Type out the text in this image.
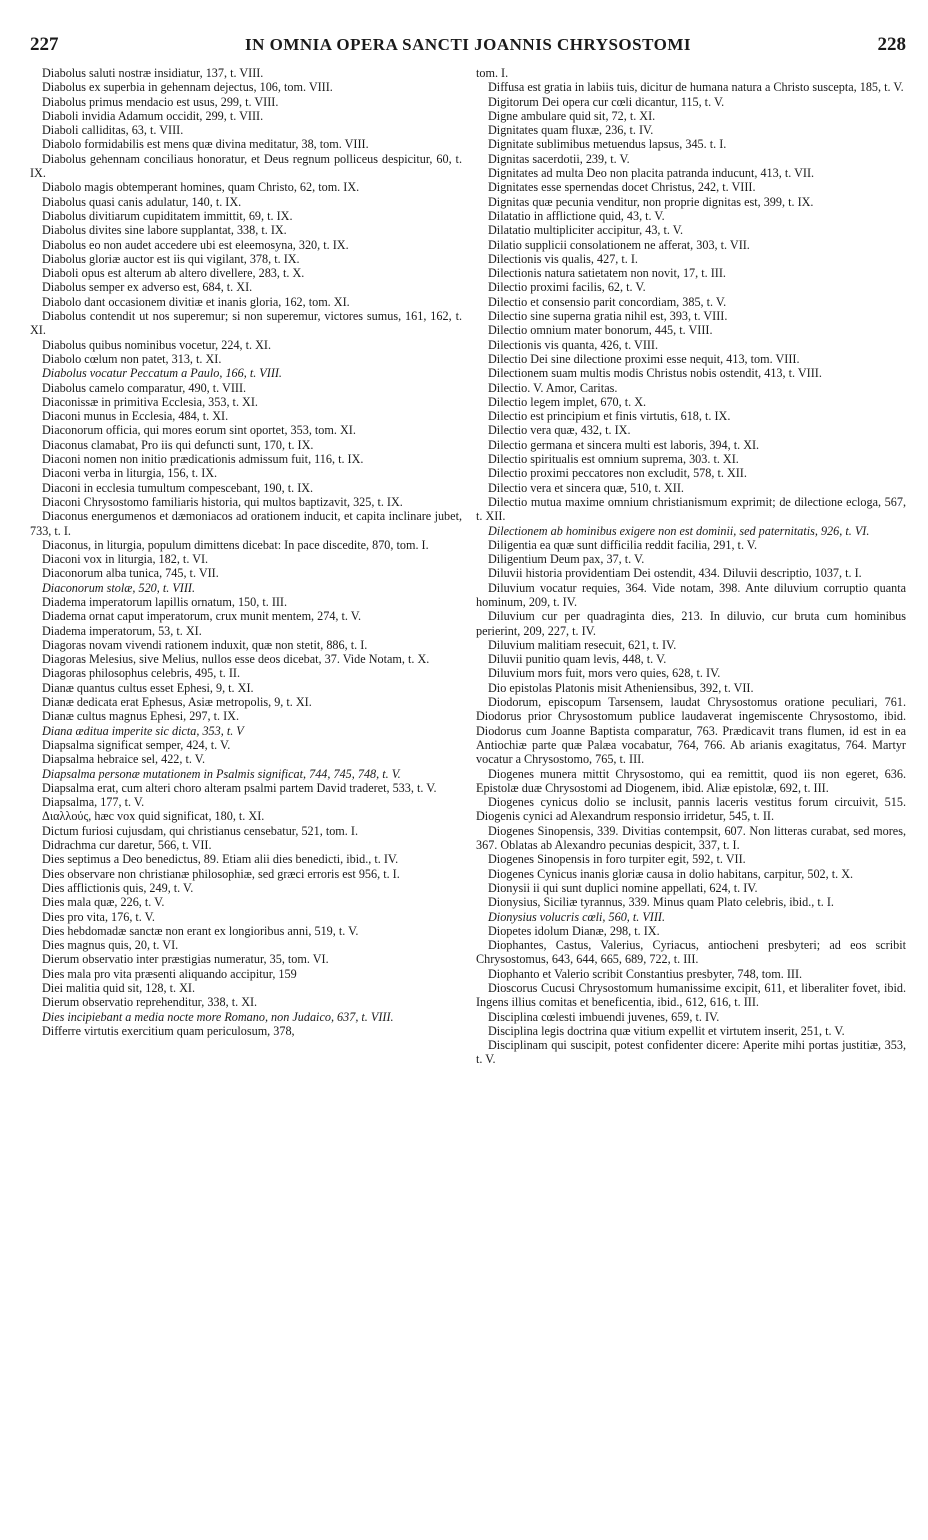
227	IN OMNIA OPERA SANCTI JOANNIS CHRYSOSTOMI	228
Diabolus saluti nostræ insidiatur, 137, t. VIII.
Diabolus ex superbia in gehennam dejectus, 106, tom. VIII.
Diabolus primus mendacio est usus, 299, t. VIII.
Diaboli invidia Adamum occidit, 299, t. VIII.
Diaboli calliditas, 63, t. VIII.
Diabolo formidabilis est mens quæ divina meditatur, 38, tom. VIII.
Diabolus gehennam conciliaus honoratur, et Deus regnum polliceus despicitur, 60, t. IX.
Diabolo magis obtemperant homines, quam Christo, 62, tom. IX.
Diabolus quasi canis adulatur, 140, t. IX.
Diabolus divitiarum cupiditatem immittit, 69, t. IX.
Diabolus divites sine labore supplantat, 338, t. IX.
Diabolus eo non audet accedere ubi est eleemosyna, 320, t. IX.
Diabolus gloriæ auctor est iis qui vigilant, 378, t. IX.
Diaboli opus est alterum ab altero divellere, 283, t. X.
Diabolus semper ex adverso est, 684, t. XI.
Diabolo dant occasionem divitiæ et inanis gloria, 162, tom. XI.
Diabolus contendit ut nos superemur; si non superemur, victores sumus, 161, 162, t. XI.
Diabolus quibus nominibus vocetur, 224, t. XI.
Diabolo cœlum non patet, 313, t. XI.
Diabolus vocatur Peccatum a Paulo, 166, t. VIII.
Diabolus camelo comparatur, 490, t. VIII.
Diaconissæ in primitiva Ecclesia, 353, t. XI.
Diaconi munus in Ecclesia, 484, t. XI.
Diaconorum officia, qui mores eorum sint oportet, 353, tom. XI.
Diaconus clamabat, Pro iis qui defuncti sunt, 170, t. IX.
Diaconi nomen non initio prædicationis admissum fuit, 116, t. IX.
Diaconi verba in liturgia, 156, t. IX.
Diaconi in ecclesia tumultum compescebant, 190, t. IX.
Diaconi Chrysostomo familiaris historia, qui multos baptizavit, 325, t. IX.
Diaconus energumenos et dæmoniacos ad orationem inducit, et capita inclinare jubet, 733, t. I.
Diaconus, in liturgia, populum dimittens dicebat: In pace discedite, 870, tom. I.
Diaconi vox in liturgia, 182, t. VI.
Diaconorum alba tunica, 745, t. VII.
Diaconorum stolæ, 520, t. VIII.
Diadema imperatorum lapillis ornatum, 150, t. III.
Diadema ornat caput imperatorum, crux munit mentem, 274, t. V.
Diadema imperatorum, 53, t. XI.
Diagoras novam vivendi rationem induxit, quæ non stetit, 886, t. I.
Diagoras Melesius, sive Melius, nullos esse deos dicebat, 37. Vide Notam, t. X.
Diagoras philosophus celebris, 495, t. II.
Dianæ quantus cultus esset Ephesi, 9, t. XI.
Dianæ dedicata erat Ephesus, Asiæ metropolis, 9, t. XI.
Dianæ cultus magnus Ephesi, 297, t. IX.
Diana æditua imperite sic dicta, 353, t. V
Diapsalma significat semper, 424, t. V.
Diapsalma hebraice sel, 422, t. V.
Diapsalma personæ mutationem in Psalmis significat, 744, 745, 748, t. V.
Diapsalma erat, cum alteri choro alteram psalmi partem David traderet, 533, t. V.
Diapsalma, 177, t. V.
Διαλλούς, hæc vox quid significat, 180, t. XI.
Dictum furiosi cujusdam, qui christianus censebatur, 521, tom. I.
Didrachma cur daretur, 566, t. VII.
Dies septimus a Deo benedictus, 89. Etiam alii dies benedicti, ibid., t. IV.
Dies observare non christianæ philosophiæ, sed græci erroris est 956, t. I.
Dies afflictionis quis, 249, t. V.
Dies mala quæ, 226, t. V.
Dies pro vita, 176, t. V.
Dies hebdomadæ sanctæ non erant ex longioribus anni, 519, t. V.
Dies magnus quis, 20, t. VI.
Dierum observatio inter præstigias numeratur, 35, tom. VI.
Dies mala pro vita præsenti aliquando accipitur, 159
Diei malitia quid sit, 128, t. XI.
Dierum observatio reprehenditur, 338, t. XI.
Dies incipiebant a media nocte more Romano, non Judaico, 637, t. VIII.
Differre virtutis exercitium quam periculosum, 378,
tom. I.
Diffusa est gratia in labiis tuis, dicitur de humana natura a Christo suscepta, 185, t. V.
Digitorum Dei opera cur cœli dicantur, 115, t. V.
Digne ambulare quid sit, 72, t. XI.
Dignitates quam fluxæ, 236, t. IV.
Dignitate sublimibus metuendus lapsus, 345. t. I.
Dignitas sacerdotii, 239, t. V.
Dignitates ad multa Deo non placita patranda inducunt, 413, t. VII.
Dignitates esse spernendas docet Christus, 242, t. VIII.
Dignitas quæ pecunia venditur, non proprie dignitas est, 399, t. IX.
Dilatatio in afflictione quid, 43, t. V.
Dilatatio multipliciter accipitur, 43, t. V.
Dilatio supplicii consolationem ne afferat, 303, t. VII.
Dilectionis vis qualis, 427, t. I.
Dilectionis natura satietatem non novit, 17, t. III.
Dilectio proximi facilis, 62, t. V.
Dilectio et consensio parit concordiam, 385, t. V.
Dilectio sine superna gratia nihil est, 393, t. VIII.
Dilectio omnium mater bonorum, 445, t. VIII.
Dilectionis vis quanta, 426, t. VIII.
Dilectio Dei sine dilectione proximi esse nequit, 413, tom. VIII.
Dilectionem suam multis modis Christus nobis ostendit, 413, t. VIII.
Dilectio. V. Amor, Caritas.
Dilectio legem implet, 670, t. X.
Dilectio est principium et finis virtutis, 618, t. IX.
Dilectio vera quæ, 432, t. IX.
Dilectio germana et sincera multi est laboris, 394, t. XI.
Dilectio spiritualis est omnium suprema, 303. t. XI.
Dilectio proximi peccatores non excludit, 578, t. XII.
Dilectio vera et sincera quæ, 510, t. XII.
Dilectio mutua maxime omnium christianismum exprimit; de dilectione ecloga, 567, t. XII.
Dilectionem ab hominibus exigere non est dominii, sed paternitatis, 926, t. VI.
Diligentia ea quæ sunt difficilia reddit facilia, 291, t. V.
Diligentium Deum pax, 37, t. V.
Diluvii historia providentiam Dei ostendit, 434. Diluvii descriptio, 1037, t. I.
Diluvium vocatur requies, 364. Vide notam, 398. Ante diluvium corruptio quanta hominum, 209, t. IV.
Diluvium cur per quadraginta dies, 213. In diluvio, cur bruta cum hominibus perierint, 209, 227, t. IV.
Diluvium malitiam resecuit, 621, t. IV.
Diluvii punitio quam levis, 448, t. V.
Diluvium mors fuit, mors vero quies, 628, t. IV.
Dio epistolas Platonis misit Atheniensibus, 392, t. VII.
Diodorum, episcopum Tarsensem, laudat Chrysostomus oratione peculiari, 761. Diodorus prior Chrysostomum publice laudaverat ingemiscente Chrysostomo, ibid. Diodorus cum Joanne Baptista comparatur, 763. Prædicavit trans flumen, id est in ea Antiochiæ parte quæ Palæa vocabatur, 764, 766. Ab arianis exagitatus, 764. Martyr vocatur a Chrysostomo, 765, t. III.
Diogenes munera mittit Chrysostomo, qui ea remittit, quod iis non egeret, 636. Epistolæ duæ Chrysostomi ad Diogenem, ibid. Aliæ epistolæ, 692, t. III.
Diogenes cynicus dolio se inclusit, pannis laceris vestitus forum circuivit, 515. Diogenis cynici ad Alexandrum responsio irridetur, 545, t. II.
Diogenes Sinopensis, 339. Divitias contempsit, 607. Non litteras curabat, sed mores, 367. Oblatas ab Alexandro pecunias despicit, 337, t. I.
Diogenes Sinopensis in foro turpiter egit, 592, t. VII.
Diogenes Cynicus inanis gloriæ causa in dolio habitans, carpitur, 502, t. X.
Dionysii ii qui sunt duplici nomine appellati, 624, t. IV.
Dionysius, Siciliæ tyrannus, 339. Minus quam Plato celebris, ibid., t. I.
Dionysius volucris cœli, 560, t. VIII.
Diopetes idolum Dianæ, 298, t. IX.
Diophantes, Castus, Valerius, Cyriacus, antiocheni presbyteri; ad eos scribit Chrysostomus, 643, 644, 665, 689, 722, t. III.
Diophanto et Valerio scribit Constantius presbyter, 748, tom. III.
Dioscorus Cucusi Chrysostomum humanissime excipit, 611, et liberaliter fovet, ibid. Ingens illius comitas et beneficentia, ibid., 612, 616, t. III.
Disciplina cœlesti imbuendi juvenes, 659, t. IV.
Disciplina legis doctrina quæ vitium expellit et virtutem inserit, 251, t. V.
Disciplinam qui suscipit, potest confidenter dicere: Aperite mihi portas justitiæ, 353, t. V.
